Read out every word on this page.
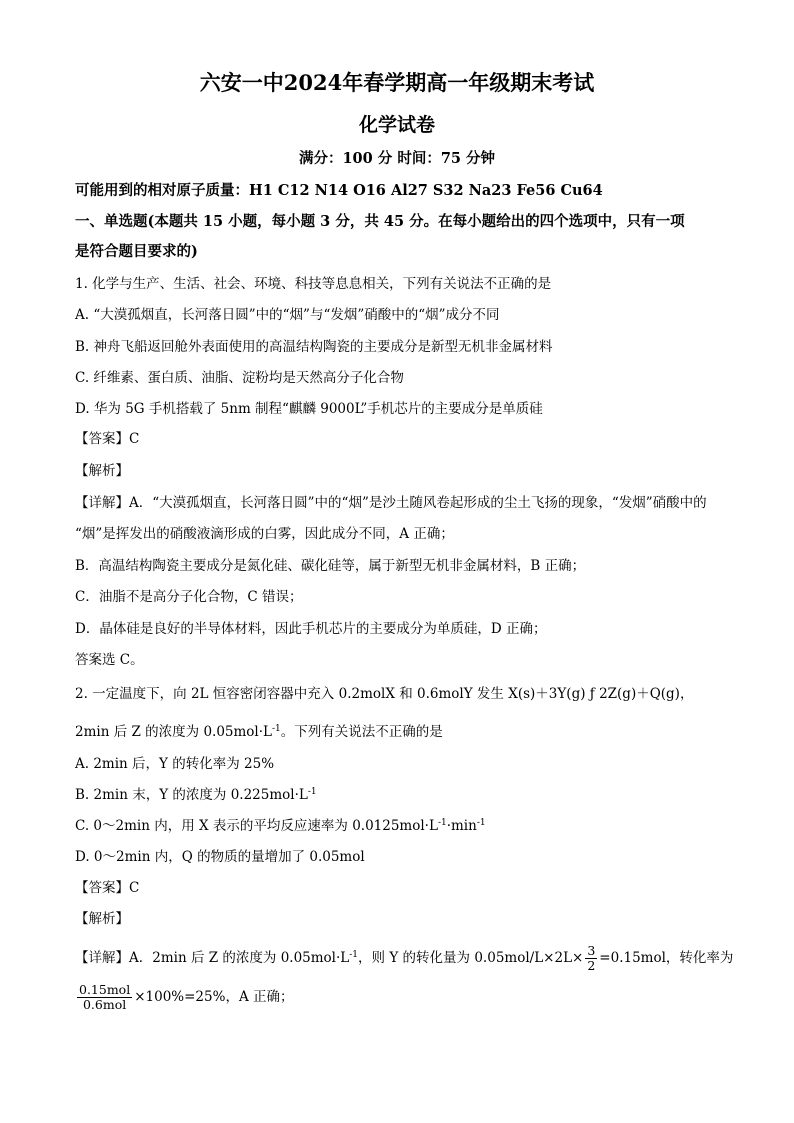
六安一中2024年春学期高一年级期末考试
化学试卷
满分：100 分 时间：75 分钟
可能用到的相对原子质量：H1 C12 N14 O16 Al27 S32 Na23 Fe56 Cu64
一、单选题(本题共 15 小题，每小题 3 分，共 45 分。在每小题给出的四个选项中，只有一项
是符合题目要求的)
1. 化学与生产、生活、社会、环境、科技等息息相关，下列有关说法不正确的是
A. “大漠孤烟直，长河落日圆”中的“烟”与“发烟”硝酸中的“烟”成分不同
B. 神舟飞船返回舱外表面使用的高温结构陶瓷的主要成分是新型无机非金属材料
C. 纤维素、蛋白质、油脂、淀粉均是天然高分子化合物
D. 华为 5G 手机搭载了 5nm 制程“麒麟 9000L”手机芯片的主要成分是单质硅
【答案】C
【解析】
【详解】A．“大漠孤烟直，长河落日圆”中的“烟”是沙土随风卷起形成的尘土飞扬的现象，“发烟”硝酸中的
“烟”是挥发出的硝酸液滴形成的白雾，因此成分不同，A 正确；
B．高温结构陶瓷主要成分是氮化硅、碳化硅等，属于新型无机非金属材料，B 正确；
C．油脂不是高分子化合物，C 错误；
D．晶体硅是良好的半导体材料，因此手机芯片的主要成分为单质硅，D 正确；
答案选 C。
2. 一定温度下，向 2L 恒容密闭容器中充入 0.2molX 和 0.6molY 发生 X(s)＋3Y(g) ƒ 2Z(g)＋Q(g)，
2min 后 Z 的浓度为 $0.05mol\cdot L^{-1}$。下列有关说法不正确的是
A. 2min 后，Y 的转化率为 25%
B. 2min 末，Y 的浓度为 $0.225mol\cdot L^{-1}$
C. 0～2min 内，用 X 表示的平均反应速率为 $0.0125mol\cdot L^{-1}\cdot\min^{-1}$
D. 0～2min 内，Q 的物质的量增加了 0.05mol
【答案】C
【解析】
【详解】A．2min 后 Z 的浓度为 $0.05mol\cdot L^{-1}$，则 Y 的转化量为 $0.05mol/L\times 2L\times \frac{3}{2} =0.15mol$，转化率为
$\frac{\text{0.15mol}}{\text{0.6mol}} \times 100\%=25\%$，A 正确；
